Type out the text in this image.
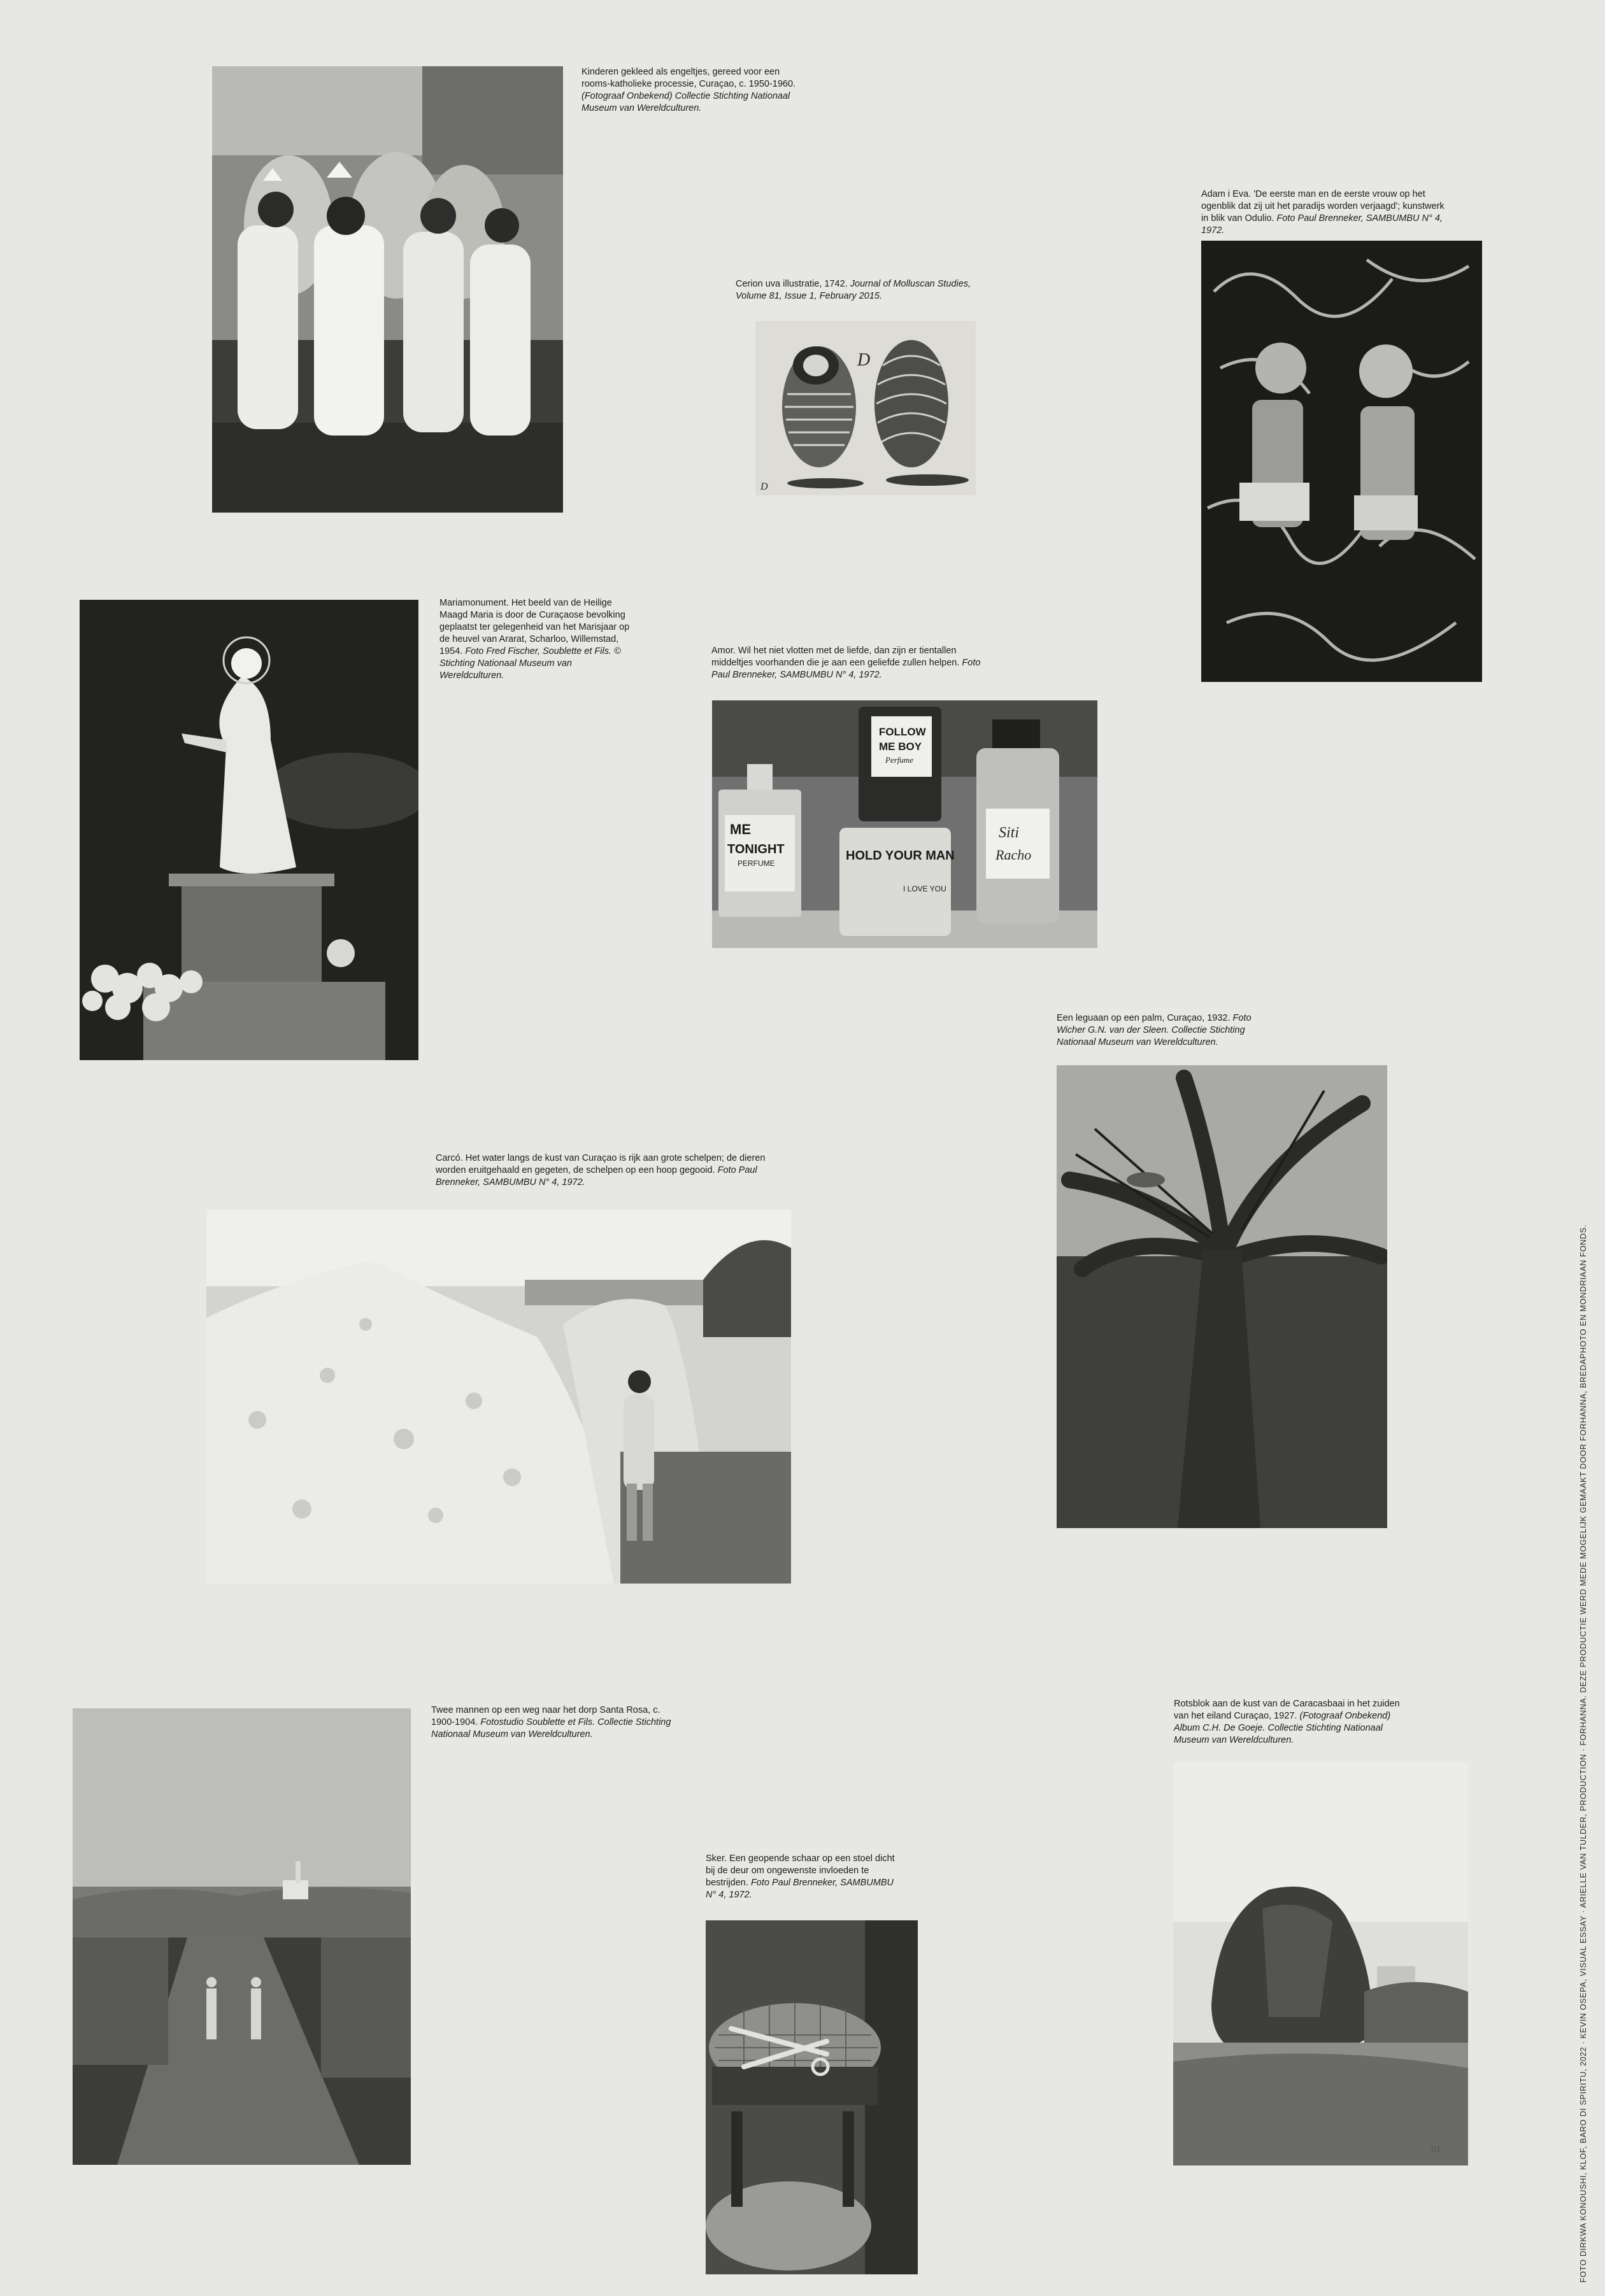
Kinderen gekleed als engeltjes, gereed voor een rooms-katholieke processie, Curaçao, c. 1950-1960. (Fotograaf Onbekend) Collectie Stichting Nationaal Museum van Wereldculturen.
Cerion uva illustratie, 1742. Journal of Molluscan Studies, Volume 81, Issue 1, February 2015.
D
D
Adam i Eva. 'De eerste man en de eerste vrouw op het ogenblik dat zij uit het paradijs worden verjaagd'; kunstwerk in blik van Odulio. Foto Paul Brenneker, SAMBUMBU N° 4, 1972.
Mariamonument. Het beeld van de Heilige Maagd Maria is door de Curaçaose bevolking geplaatst ter gelegenheid van het Marisjaar op de heuvel van Ararat, Scharloo, Willemstad, 1954. Foto Fred Fischer, Soublette et Fils. © Stichting Nationaal Museum van Wereldculturen.
Amor. Wil het niet vlotten met de liefde, dan zijn er tientallen middeltjes voorhanden die je aan een geliefde zullen helpen. Foto Paul Brenneker, SAMBUMBU N° 4, 1972.
ME
TONIGHT
PERFUME
FOLLOW
ME BOY
Perfume
HOLD YOUR MAN
I LOVE YOU
Siti
Racho
Een leguaan op een palm, Curaçao, 1932. Foto Wicher G.N. van der Sleen. Collectie Stichting Nationaal Museum van Wereldculturen.
Carcó. Het water langs de kust van Curaçao is rijk aan grote schelpen; de dieren worden eruitgehaald en gegeten, de schelpen op een hoop gegooid. Foto Paul Brenneker, SAMBUMBU N° 4, 1972.
Twee mannen op een weg naar het dorp Santa Rosa, c. 1900-1904. Fotostudio Soublette et Fils. Collectie Stichting Nationaal Museum van Wereldculturen.
Sker. Een geopende schaar op een stoel dicht bij de deur om ongewenste invloeden te bestrijden. Foto Paul Brenneker, SAMBUMBU N° 4, 1972.
Rotsblok aan de kust van de Caracasbaai in het zuiden van het eiland Curaçao, 1927. (Fotograaf Onbekend) Album C.H. De Goeje. Collectie Stichting Nationaal Museum van Wereldculturen.
01	FOTO DIRKWA KONOUSHI, KLOF, BARO DI SPIRITU, 2022 · KEVIN OSEPA, VISUAL ESSAY · ARIELLE VAN TULDER, PRODUCTION · FORHANNA. DEZE PRODUCTIE WERD MEDE MOGELIJK GEMAAKT DOOR FORHANNA, BREDAPHOTO EN MONDRIAAN FONDS.
